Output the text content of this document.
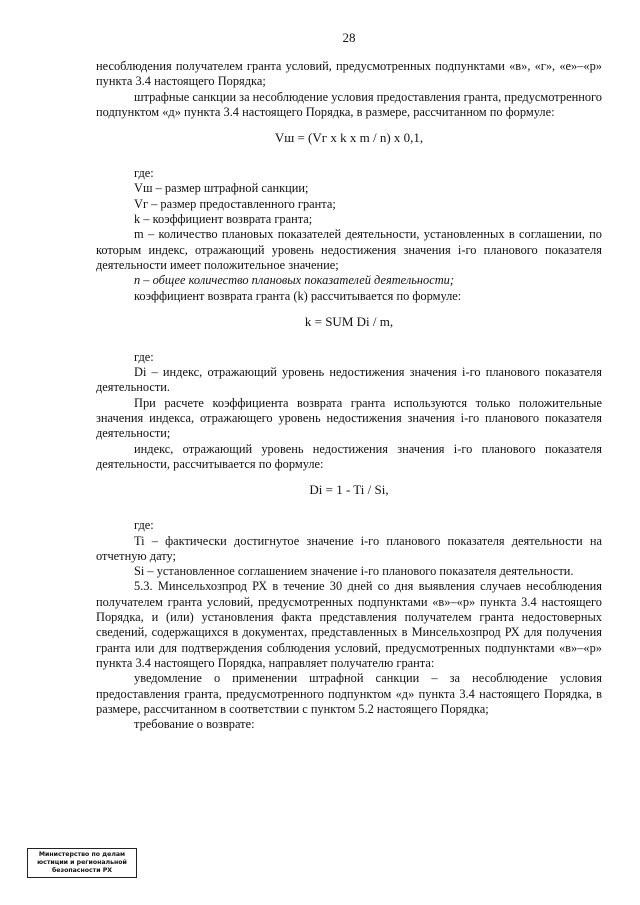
28

несоблюдения получателем гранта условий, предусмотренных подпунктами «в», «г», «е»–«р» пункта 3.4 настоящего Порядка;

штрафные санкции за несоблюдение условия предоставления гранта, предусмотренного подпунктом «д» пункта 3.4 настоящего Порядка, в размере, рассчитанном по формуле:

Vш = (Vг x k x m / n) x 0,1,

где:

Vш – размер штрафной санкции;

Vг – размер предоставленного гранта;

k – коэффициент возврата гранта;

m – количество плановых показателей деятельности, установленных в соглашении, по которым индекс, отражающий уровень недостижения значения i-го планового показателя деятельности имеет положительное значение;

n – общее количество плановых показателей деятельности;

коэффициент возврата гранта (k) рассчитывается по формуле:

k = SUM Di / m,

где:

Di – индекс, отражающий уровень недостижения значения i-го планового показателя деятельности.

При расчете коэффициента возврата гранта используются только положительные значения индекса, отражающего уровень недостижения значения i-го планового показателя деятельности;

индекс, отражающий уровень недостижения значения i-го планового показателя деятельности, рассчитывается по формуле:

Di = 1 - Ti / Si,

где:

Ti – фактически достигнутое значение i-го планового показателя деятельности на отчетную дату;

Si – установленное соглашением значение i-го планового показателя деятельности.

5.3. Минсельхозпрод РХ в течение 30 дней со дня выявления случаев несоблюдения получателем гранта условий, предусмотренных подпунктами «в»–«р» пункта 3.4 настоящего Порядка, и (или) установления факта представления получателем гранта недостоверных сведений, содержащихся в документах, представленных в Минсельхозпрод РХ для получения гранта или для подтверждения соблюдения условий, предусмотренных подпунктами «в»–«р» пункта 3.4 настоящего Порядка, направляет получателю гранта:

уведомление о применении штрафной санкции – за несоблюдение условия предоставления гранта, предусмотренного подпунктом «д» пункта 3.4 настоящего Порядка, в размере, рассчитанном в соответствии с пунктом 5.2 настоящего Порядка;

требование о возврате:

Министерство по делам
юстиции и региональной
безопасности РХ
